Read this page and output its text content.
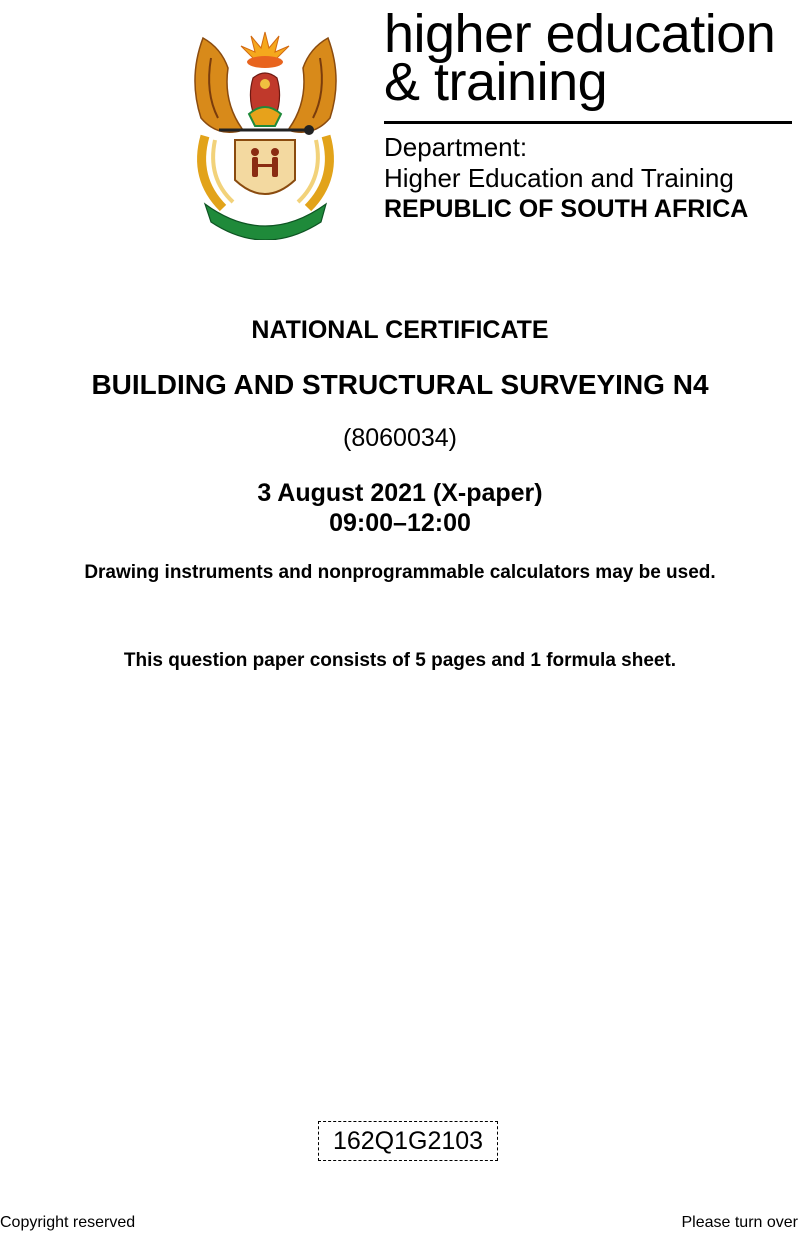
higher education
& training
Department:
Higher Education and Training
REPUBLIC OF SOUTH AFRICA
NATIONAL CERTIFICATE
BUILDING AND STRUCTURAL SURVEYING N4
(8060034)
3 August 2021 (X-paper)
09:00–12:00
Drawing instruments and nonprogrammable calculators may be used.
This question paper consists of 5 pages and 1 formula sheet.
162Q1G2103
Copyright reserved	Please turn over
